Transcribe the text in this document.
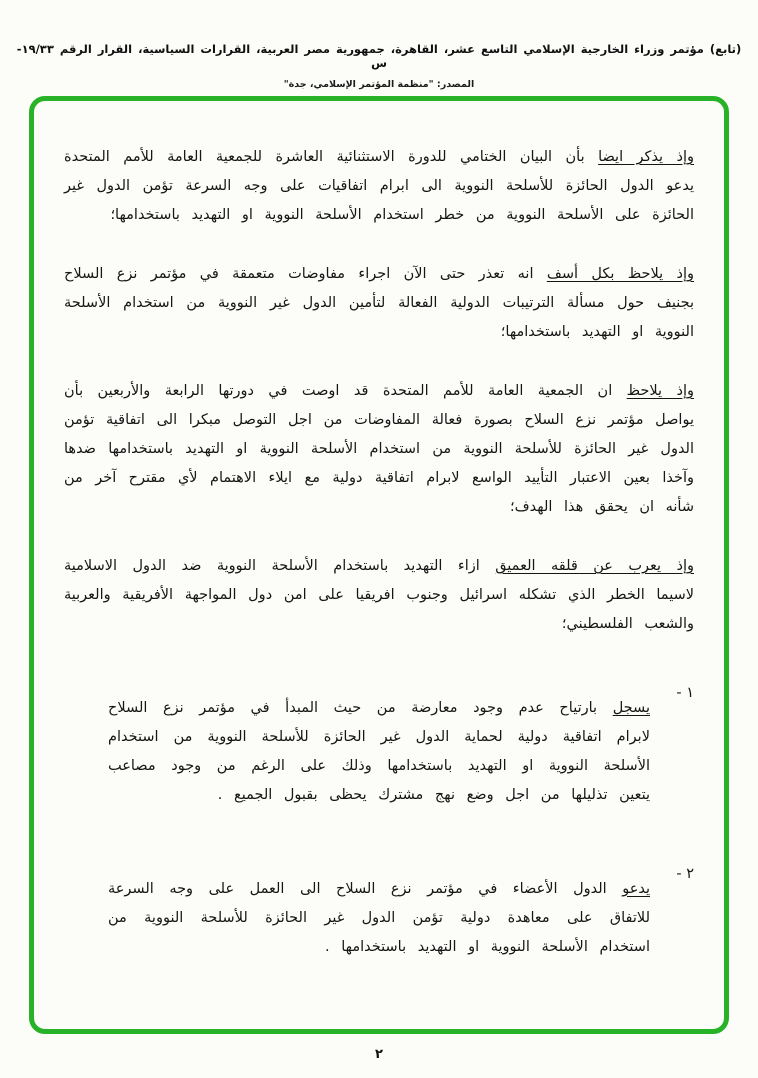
(تابع) مؤتمر وزراء الخارجية الإسلامي التاسع عشر، القاهرة، جمهورية مصر العربية، القرارات السياسية، القرار الرقم ١٩/٣٣-س
المصدر: "منظمة المؤتمر الإسلامي، جدة"

وإذ يذكر ايضا بأن البيان الختامي للدورة الاستثنائية العاشرة للجمعية العامة للأمم المتحدة يدعو الدول الحائزة للأسلحة النووية الى ابرام اتفاقيات على وجه السرعة تؤمن الدول غير الحائزة على الأسلحة النووية من خطر استخدام الأسلحة النووية او التهديد باستخدامها؛

وإذ يلاحظ بكل أسف انه تعذر حتى الآن اجراء مفاوضات متعمقة في مؤتمر نزع السلاح بجنيف حول مسألة الترتيبات الدولية الفعالة لتأمين الدول غير النووية من استخدام الأسلحة النووية او التهديد باستخدامها؛

وإذ يلاحظ ان الجمعية العامة للأمم المتحدة قد اوصت في دورتها الرابعة والأربعين بأن يواصل مؤتمر نزع السلاح بصورة فعالة المفاوضات من اجل التوصل مبكرا الى اتفاقية تؤمن الدول غير الحائزة للأسلحة النووية من استخدام الأسلحة النووية او التهديد باستخدامها ضدها وآخذا بعين الاعتبار التأييد الواسع لابرام اتفاقية دولية مع ايلاء الاهتمام لأي مقترح آخر من شأنه ان يحقق هذا الهدف؛

وإذ يعرب عن قلقه العميق ازاء التهديد باستخدام الأسلحة النووية ضد الدول الاسلامية لاسيما الخطر الذي تشكله اسرائيل وجنوب افريقيا على امن دول المواجهة الأفريقية والعربية والشعب الفلسطيني؛

١ -

يسجل بارتياح عدم وجود معارضة من حيث المبدأ في مؤتمر نزع السلاح لابرام اتفاقية دولية لحماية الدول غير الحائزة للأسلحة النووية من استخدام الأسلحة النووية او التهديد باستخدامها وذلك على الرغم من وجود مصاعب يتعين تذليلها من اجل وضع نهج مشترك يحظى بقبول الجميع .

٢ -

يدعو الدول الأعضاء في مؤتمر نزع السلاح الى العمل على وجه السرعة للاتفاق على معاهدة دولية تؤمن الدول غير الحائزة للأسلحة النووية من استخدام الأسلحة النووية او التهديد باستخدامها .

٢
